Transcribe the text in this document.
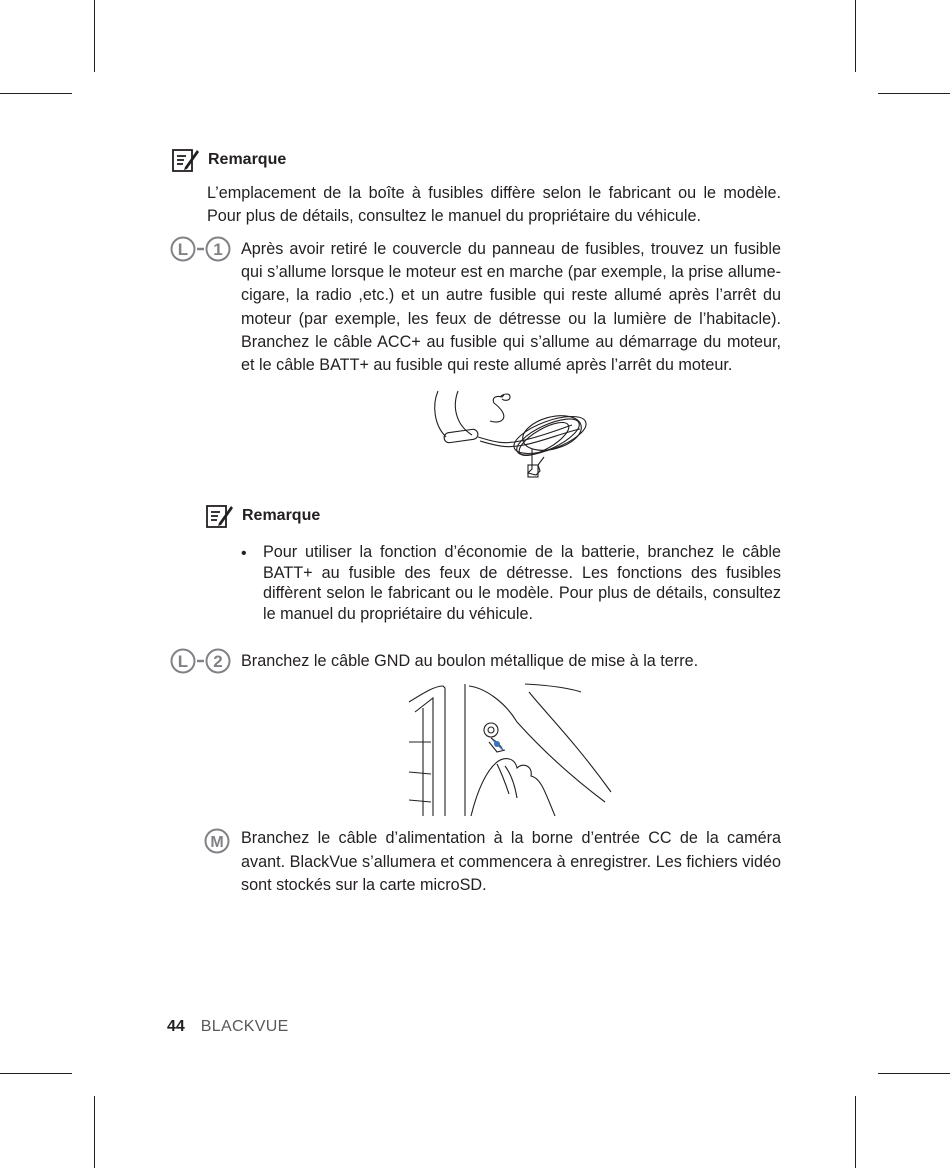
Remarque

L’emplacement de la boîte à fusibles diffère selon le fabricant ou le modèle. Pour plus de détails, consultez le manuel du propriétaire du véhicule.

L 1 Après avoir retiré le couvercle du panneau de fusibles, trouvez un fusible qui s’allume lorsque le moteur est en marche (par exemple, la prise allume-cigare, la radio ,etc.) et un autre fusible qui reste allumé après l’arrêt du moteur (par exemple, les feux de détresse ou la lumière de l’habitacle). Branchez le câble ACC+ au fusible qui s’allume au démarrage du moteur, et le câble BATT+ au fusible qui reste allumé après l’arrêt du moteur.

Remarque
•	Pour utiliser la fonction d’économie de la batterie, branchez le câble BATT+ au fusible des feux de détresse. Les fonctions des fusibles diffèrent selon le fabricant ou le modèle. Pour plus de détails, consultez le manuel du propriétaire du véhicule.

L 2 Branchez le câble GND au boulon métallique de mise à la terre.

M Branchez le câble d’alimentation à la borne d’entrée CC de la caméra avant. BlackVue s’allumera et commencera à enregistrer. Les fichiers vidéo sont stockés sur la carte microSD.

44 BLACKVUE
